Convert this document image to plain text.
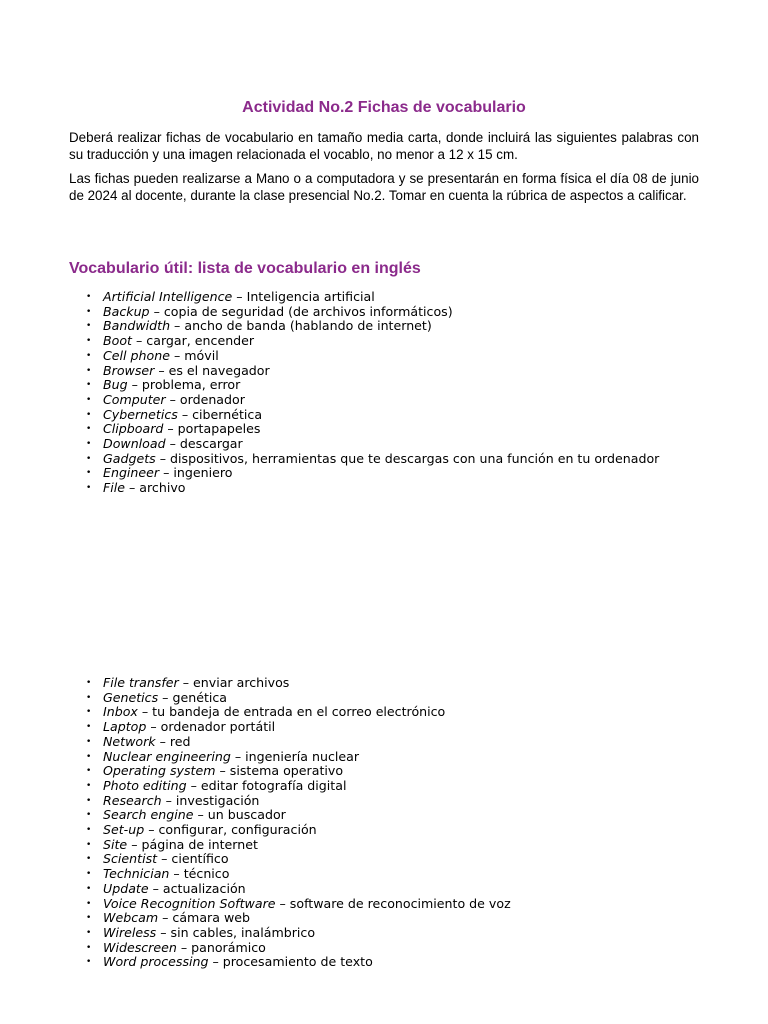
Actividad No.2 Fichas de vocabulario

Deberá realizar fichas de vocabulario en tamaño media carta, donde incluirá las siguientes palabras con su traducción y una imagen relacionada el vocablo, no menor a 12 x 15 cm.

Las fichas pueden realizarse a Mano o a computadora y se presentarán en forma física el día 08 de junio de 2024 al docente, durante la clase presencial No.2. Tomar en cuenta la rúbrica de aspectos a calificar.

Vocabulario útil: lista de vocabulario en inglés
• Artificial Intelligence – Inteligencia artificial
• Backup – copia de seguridad (de archivos informáticos)
• Bandwidth – ancho de banda (hablando de internet)
• Boot – cargar, encender
• Cell phone – móvil
• Browser – es el navegador
• Bug – problema, error
• Computer – ordenador
• Cybernetics – cibernética
• Clipboard – portapapeles
• Download – descargar
• Gadgets – dispositivos, herramientas que te descargas con una función en tu ordenador
• Engineer – ingeniero
• File – archivo
• File transfer – enviar archivos
• Genetics – genética
• Inbox – tu bandeja de entrada en el correo electrónico
• Laptop – ordenador portátil
• Network – red
• Nuclear engineering – ingeniería nuclear
• Operating system – sistema operativo
• Photo editing – editar fotografía digital
• Research – investigación
• Search engine – un buscador
• Set-up – configurar, configuración
• Site – página de internet
• Scientist – científico
• Technician – técnico
• Update – actualización
• Voice Recognition Software – software de reconocimiento de voz
• Webcam – cámara web
• Wireless – sin cables, inalámbrico
• Widescreen – panorámico
• Word processing – procesamiento de texto
